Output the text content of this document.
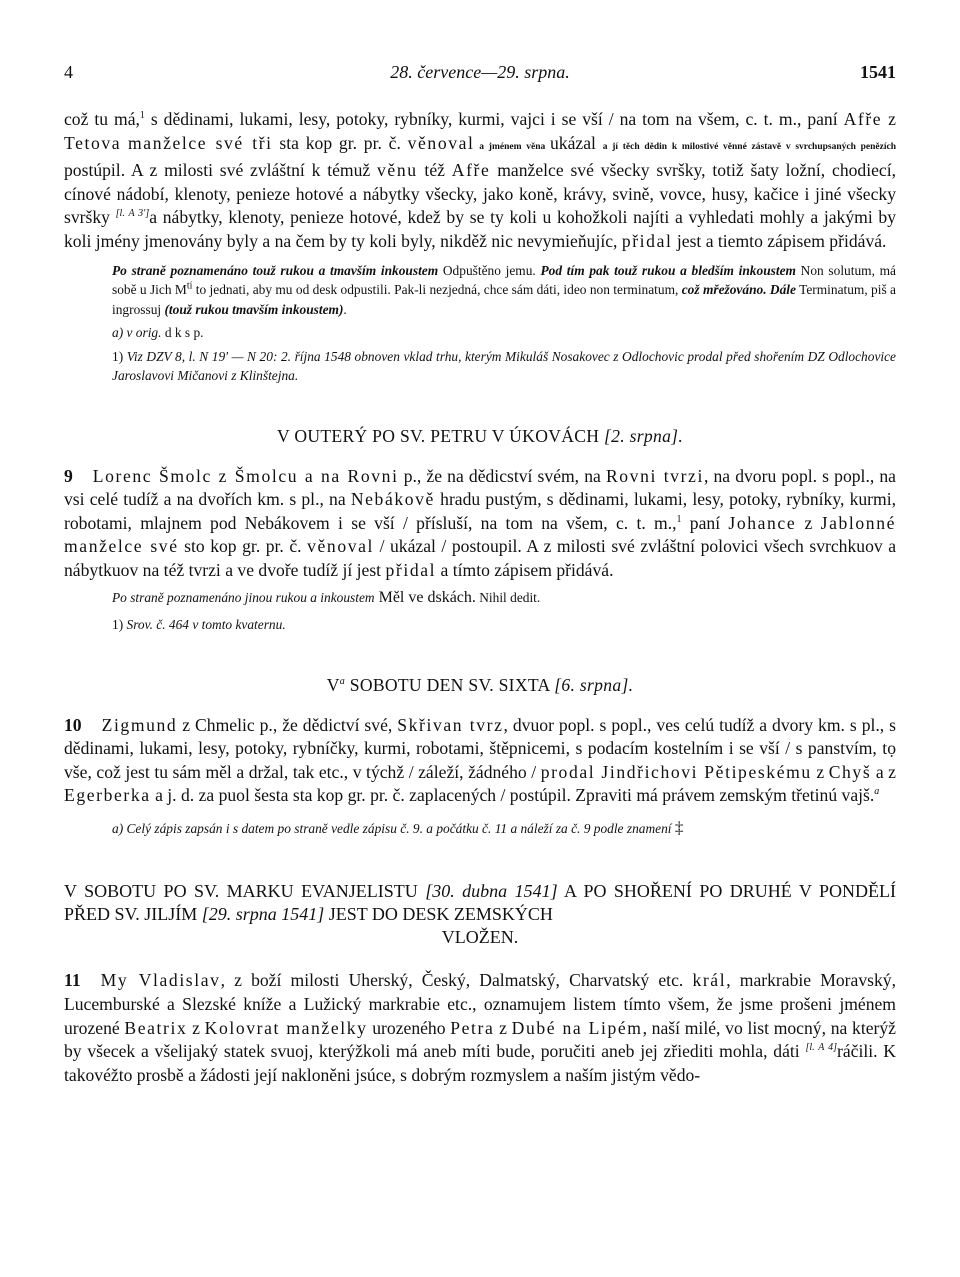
4	28. července—29. srpna.	1541
což tu má,$^1$ s dědinami, lukami, lesy, potoky, rybníky, kurmi, vajci i se vší / na tom na všem, c. t. m., paní Afře z Tetova manželce své tři sta kop gr. pr. č. věnoval a jménem věna ukázal a jí těch dědin k milostivé věnné zástavě v svrchupsaných penězích postúpil. A z milosti své zvláštní k témuž věnu též Afře manželce své všecky svršky, totiž šaty ložní, chodiecí, cínové nádobí, klenoty, penieze hotové a nábytky všecky, jako koně, krávy, svině, vovce, husy, kačice i jiné všecky svršky [l. A 3']a nábytky, klenoty, penieze hotové, kdež by se ty koli u kohožkoli najíti a vyhledati mohly a jakými by koli jmény jmenovány byly a na čem by ty koli byly, nikděž nic nevymieňujíc, přidal jest a tiemto zápisem přidává.
Po straně poznamenáno touž rukou a tmavším inkoustem Odpuštěno jemu. Pod tím pak touž rukou a bledším inkoustem Non solutum, má sobě u Jich $M^{tí}$ to jednati, aby mu od desk odpustili. Pak-li nezjedná, chce sám dáti, ideo non terminatum, což mřežováno. Dále Terminatum, piš a ingrossuj (touž rukou tmavším inkoustem).
a) v orig. d k s p.
1) Viz DZV 8, l. N 19' — N 20: 2. října 1548 obnoven vklad trhu, kterým Mikuláš Nosakovec z Odlochovic prodal před shořením DZ Odlochovice Jaroslavovi Mičanovi z Klinštejna.
V OUTERÝ PO SV. PETRU V ÚKOVÁCH [2. srpna].
9 Lorenc Šmolc z Šmolcu a na Rovni p., že na dědicství svém, na Rovni tvrzi, na dvoru popl. s popl., na vsi celé tudíž a na dvořích km. s pl., na Nebákově hradu pustým, s dědinami, lukami, lesy, potoky, rybníky, kurmi, robotami, mlajnem pod Nebákovem i se vší / přísluší, na tom na všem, c. t. m.,$^1$ paní Johance z Jablonné manželce své sto kop gr. pr. č. věnoval / ukázal / postoupil. A z milosti své zvláštní polovici všech svrchkuov a nábytkuov na též tvrzi a ve dvoře tudíž jí jest přidal a tímto zápisem přidává.
Po straně poznamenáno jinou rukou a inkoustem Měl ve dskách. Nihil dedit.
1) Srov. č. 464 v tomto kvaternu.
$V^a$ SOBOTU DEN SV. SIXTA [6. srpna].
10 Zigmund z Chmelic p., že dědictví své, Skřivan tvrz, dvuor popl. s popl., ves celú tudíž a dvory km. s pl., s dědinami, lukami, lesy, potoky, rybníčky, kurmi, robotami, štěpnicemi, s podacím kostelním i se vší / s panstvím, tọ vše, což jest tu sám měl a držal, tak etc., v týchž / záleží, žádného / prodal Jindřichovi Pětipeskému z Chyš a z Egerberka a j. d. za puol šesta sta kop gr. pr. č. zaplacených / postúpil. Zpraviti má právem zemským třetinú vajš.$^a$
a) Celý zápis zapsán i s datem po straně vedle zápisu č. 9. a počátku č. 11 a náleží za č. 9 podle znamení ‡
V SOBOTU PO SV. MARKU EVANJELISTU [30. dubna 1541] A PO SHOŘENÍ PO DRUHÉ V PONDĚLÍ PŘED SV. JILJÍM [29. srpna 1541] JEST DO DESK ZEMSKÝCH
VLOŽEN.
11 My Vladislav, z boží milosti Uherský, Český, Dalmatský, Charvatský etc. král, markrabie Moravský, Lucemburské a Slezské kníže a Lužický markrabie etc., oznamujem listem tímto všem, že jsme prošeni jménem urozené Beatrix z Kolovrat manželky urozeného Petra z Dubé na Lipém, naší milé, vo list mocný, na kterýž by všecek a všelijaký statek svuoj, kterýžkoli má aneb míti bude, poručiti aneb jej zřiediti mohla, dáti [l. A 4]ráčili. K takovéžto prosbě a žádosti její nakloněni jsúce, s dobrým rozmyslem a naším jistým vědo-
